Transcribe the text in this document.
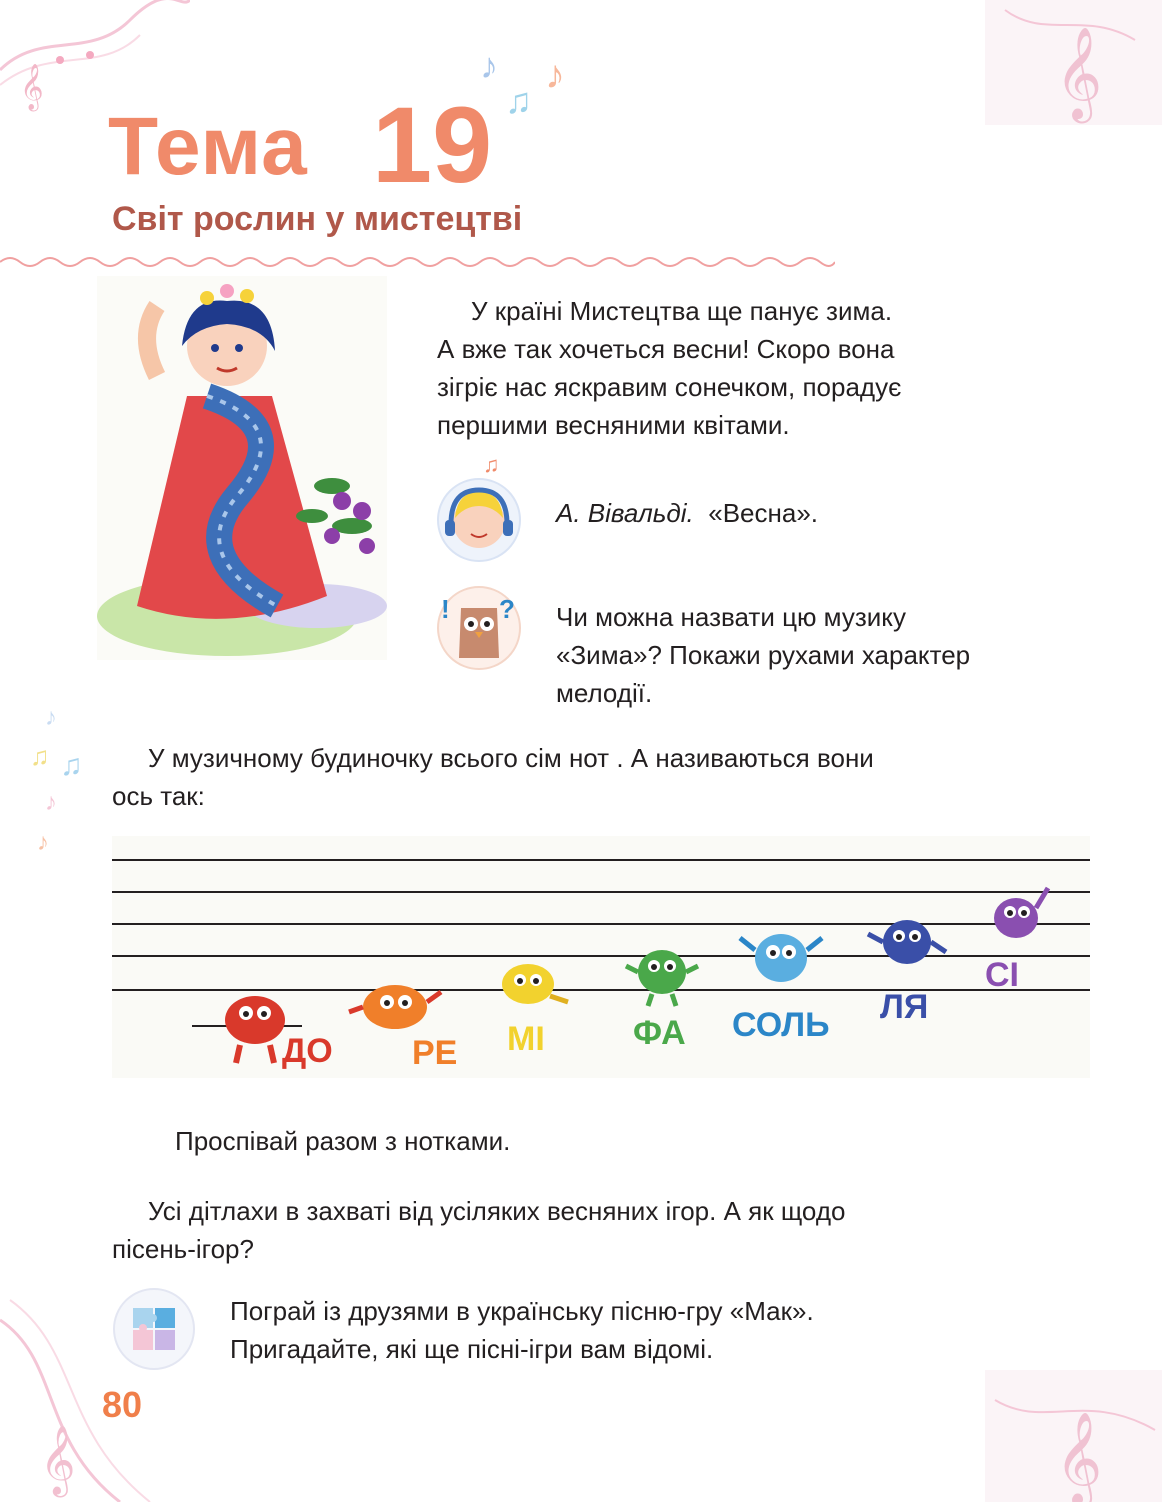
𝄞	𝄞
♪
♫
♪
♪
♫ ♫
♪
♪
𝄞	𝄞
Тема 19
Світ рослин у мистецтві
У країні Мистецтва ще панує зима.
А вже так хочеться весни! Скоро вона
зігріє нас яскравим сонечком, порадує
першими весняними квітами.
♫
А. Вівальді. «Весна».
! ? Чи можна назвати цю музику
«Зима»? Покажи рухами характер
мелодії.
У музичному будиночку всього сім нот . А називаються вони
ось так:
ДО РЕ МІ	ФА СОЛЬ ЛЯ
СІ
Проспівай разом з нотками.
Усі дітлахи в захваті від усіляких весняних ігор. А як щодо
пісень-ігор?
Пограй із друзями в українську пісню-гру «Мак».
Пригадайте, які ще пісні-ігри вам відомі.
80
